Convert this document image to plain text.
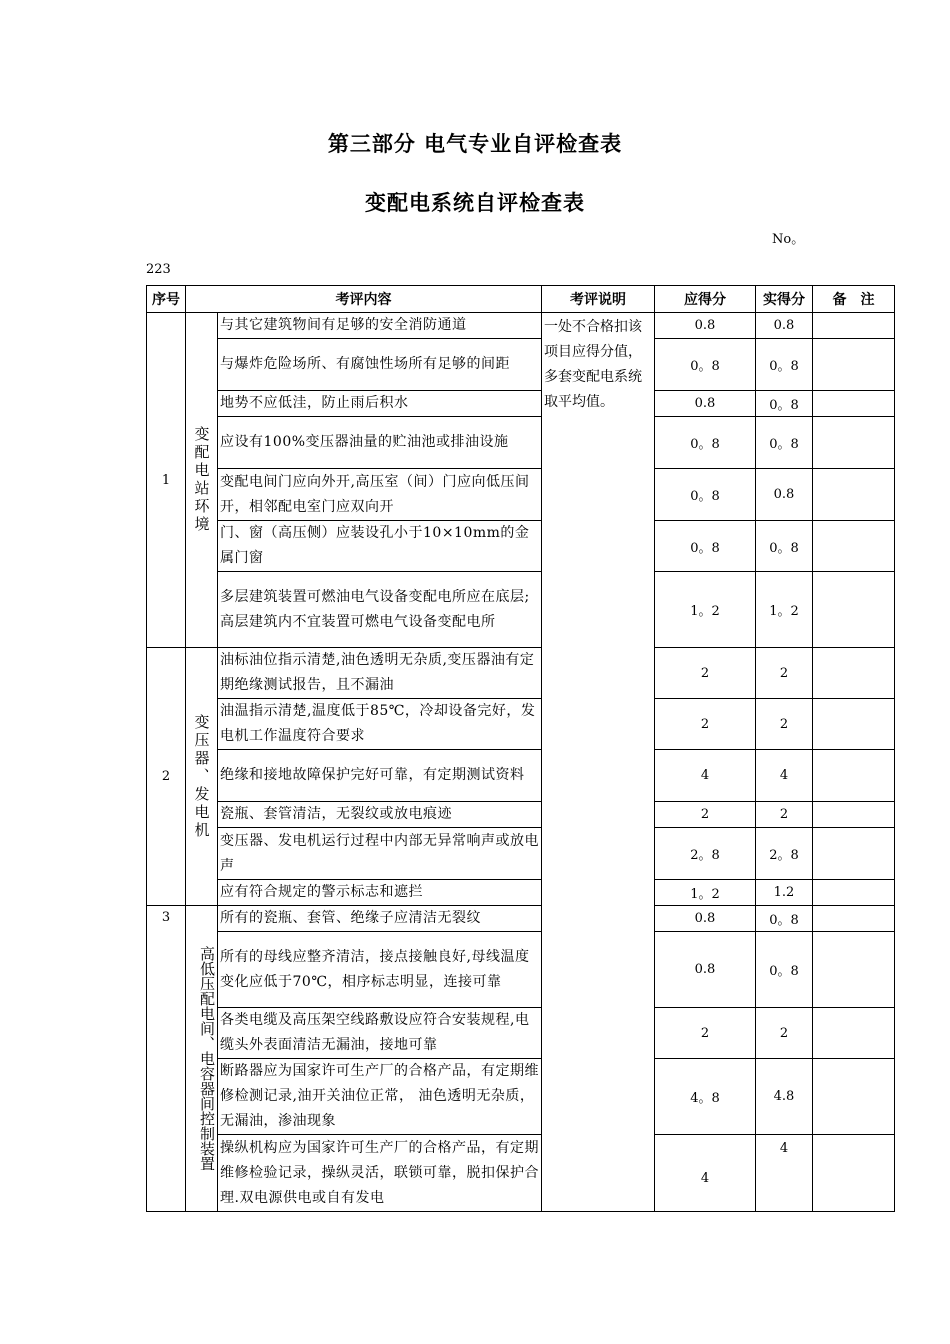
第三部分 电气专业自评检查表
变配电系统自评检查表
No。
223
序号	考评内容		考评说明	应得分	实得分	备　注
1	变配电站环境	与其它建筑物间有足够的安全消防通道	一处不合格扣该项目应得分值，多套变配电系统取平均值。	0.8	0.8	
		与爆炸危险场所、有腐蚀性场所有足够的间距		0。8	0。8	
		地势不应低洼，防止雨后积水		0.8	0。8	
		应设有100%变压器油量的贮油池或排油设施		0。8	0。8	
		变配电间门应向外开,高压室（间）门应向低压间开，相邻配电室门应双向开		0。8	0.8	
		门、窗（高压侧）应装设孔小于10×10mm的金属门窗		0。8	0。8	
		多层建筑装置可燃油电气设备变配电所应在底层;高层建筑内不宜装置可燃电气设备变配电所		1。2	1。2	
2	变压器、发电机	油标油位指示清楚,油色透明无杂质,变压器油有定期绝缘测试报告，且不漏油		2	2	
		油温指示清楚,温度低于85℃，冷却设备完好，发电机工作温度符合要求		2	2	
		绝缘和接地故障保护完好可靠，有定期测试资料		4	4	
		瓷瓶、套管清洁，无裂纹或放电痕迹		2	2	
		变压器、发电机运行过程中内部无异常响声或放电声		2。8	2。8	
		应有符合规定的警示标志和遮拦		1。2	1.2	
3	高低压配电间、电容器间控制装置	所有的瓷瓶、套管、绝缘子应清洁无裂纹		0.8	0。8	
		所有的母线应整齐清洁，接点接触良好,母线温度变化应低于70℃，相序标志明显，连接可靠		0.8	0。8	
		各类电缆及高压架空线路敷设应符合安装规程,电缆头外表面清洁无漏油，接地可靠		2	2	
		断路器应为国家许可生产厂的合格产品，有定期维修检测记录,油开关油位正常， 油色透明无杂质，无漏油，渗油现象		4。8	4.8	
		操纵机构应为国家许可生产厂的合格产品，有定期维修检验记录，操纵灵活，联锁可靠，脱扣保护合理.双电源供电或自有发电		4	4	
